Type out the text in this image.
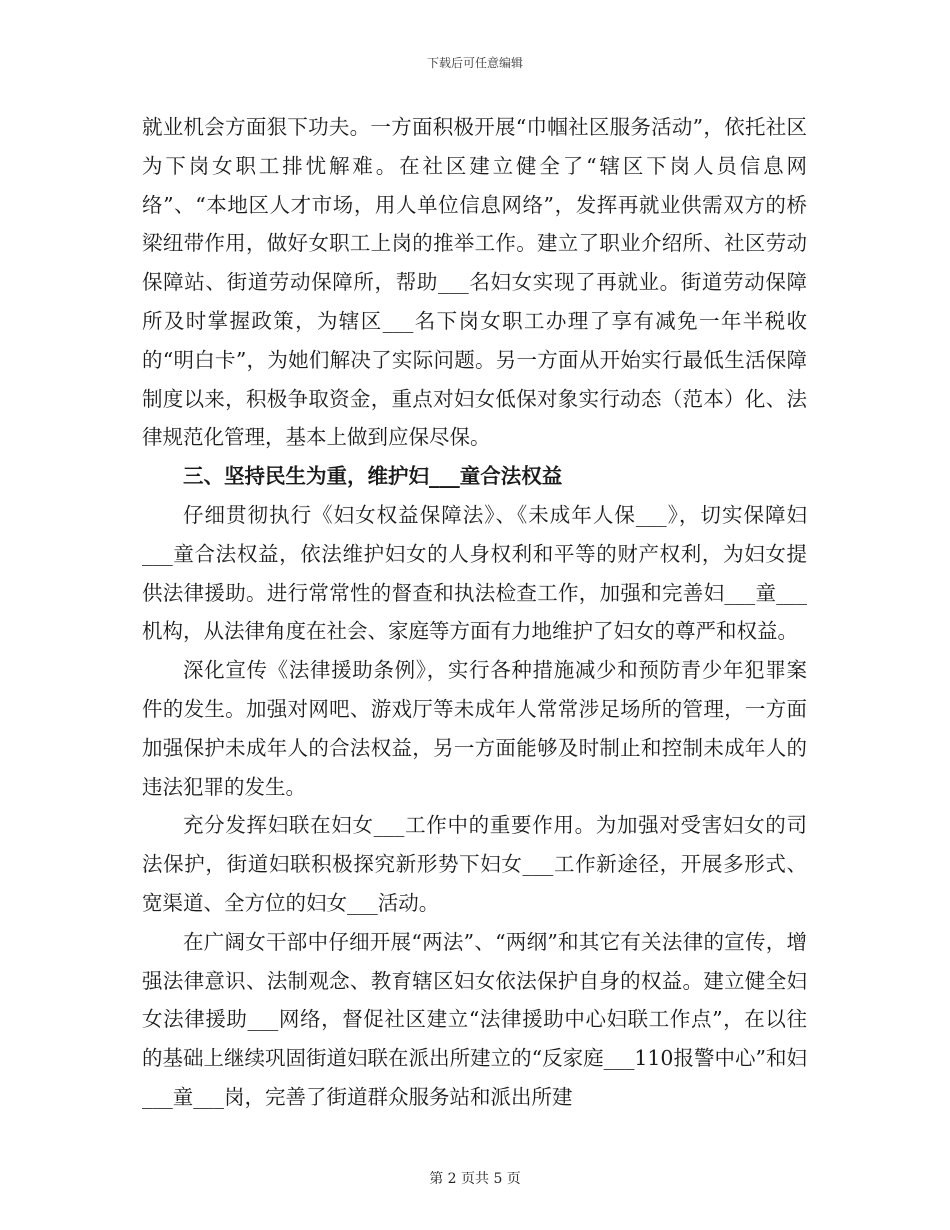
下载后可任意编辑

就业机会方面狠下功夫。一方面积极开展“巾帼社区服务活动”，依托社区为下岗女职工排忧解难。在社区建立健全了“辖区下岗人员信息网络”、“本地区人才市场，用人单位信息网络”，发挥再就业供需双方的桥梁纽带作用，做好女职工上岗的推举工作。建立了职业介绍所、社区劳动保障站、街道劳动保障所，帮助___名妇女实现了再就业。街道劳动保障所及时掌握政策，为辖区___名下岗女职工办理了享有减免一年半税收的“明白卡”，为她们解决了实际问题。另一方面从开始实行最低生活保障制度以来，积极争取资金，重点对妇女低保对象实行动态（范本）化、法律规范化管理，基本上做到应保尽保。

三、坚持民生为重，维护妇___童合法权益

仔细贯彻执行《妇女权益保障法》、《未成年人保___》，切实保障妇___童合法权益，依法维护妇女的人身权利和平等的财产权利，为妇女提供法律援助。进行常常性的督查和执法检查工作，加强和完善妇___童___机构，从法律角度在社会、家庭等方面有力地维护了妇女的尊严和权益。

深化宣传《法律援助条例》，实行各种措施减少和预防青少年犯罪案件的发生。加强对网吧、游戏厅等未成年人常常涉足场所的管理，一方面加强保护未成年人的合法权益，另一方面能够及时制止和控制未成年人的违法犯罪的发生。

充分发挥妇联在妇女___工作中的重要作用。为加强对受害妇女的司法保护，街道妇联积极探究新形势下妇女___工作新途径，开展多形式、宽渠道、全方位的妇女___活动。

在广阔女干部中仔细开展“两法”、“两纲”和其它有关法律的宣传，增强法律意识、法制观念、教育辖区妇女依法保护自身的权益。建立健全妇女法律援助___网络，督促社区建立“法律援助中心妇联工作点”，在以往的基础上继续巩固街道妇联在派出所建立的“反家庭___110报警中心”和妇___童___岗，完善了街道群众服务站和派出所建

第 2 页共 5 页
